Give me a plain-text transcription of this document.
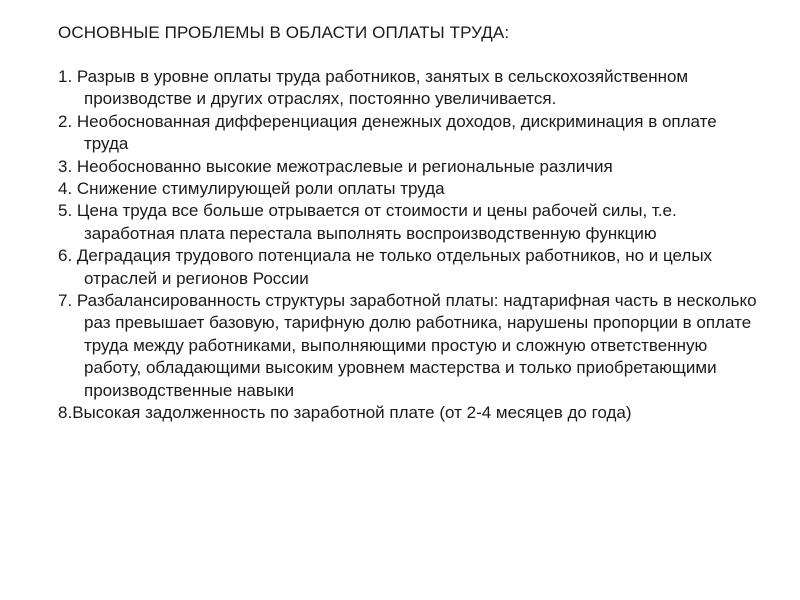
ОСНОВНЫЕ ПРОБЛЕМЫ В ОБЛАСТИ ОПЛАТЫ ТРУДА:
1. Разрыв в уровне оплаты труда работников, занятых в сельскохозяйственном производстве и других отраслях, постоянно увеличивается.
2. Необоснованная дифференциация денежных доходов, дискриминация в оплате труда
3. Необоснованно высокие межотраслевые и региональные различия
4. Снижение стимулирующей роли оплаты труда
5. Цена труда все больше отрывается от стоимости и цены рабочей силы, т.е. заработная плата перестала выполнять воспроизводственную функцию
6. Деградация трудового потенциала не только отдельных работников, но и целых отраслей и регионов России
7. Разбалансированность структуры заработной платы: надтарифная часть в несколько раз превышает базовую, тарифную долю работника, нарушены пропорции в оплате труда между работниками, выполняющими простую и сложную ответственную работу, обладающими высоким уровнем мастерства и только приобретающими производственные навыки
8.Высокая задолженность по заработной плате (от 2-4 месяцев до года)
